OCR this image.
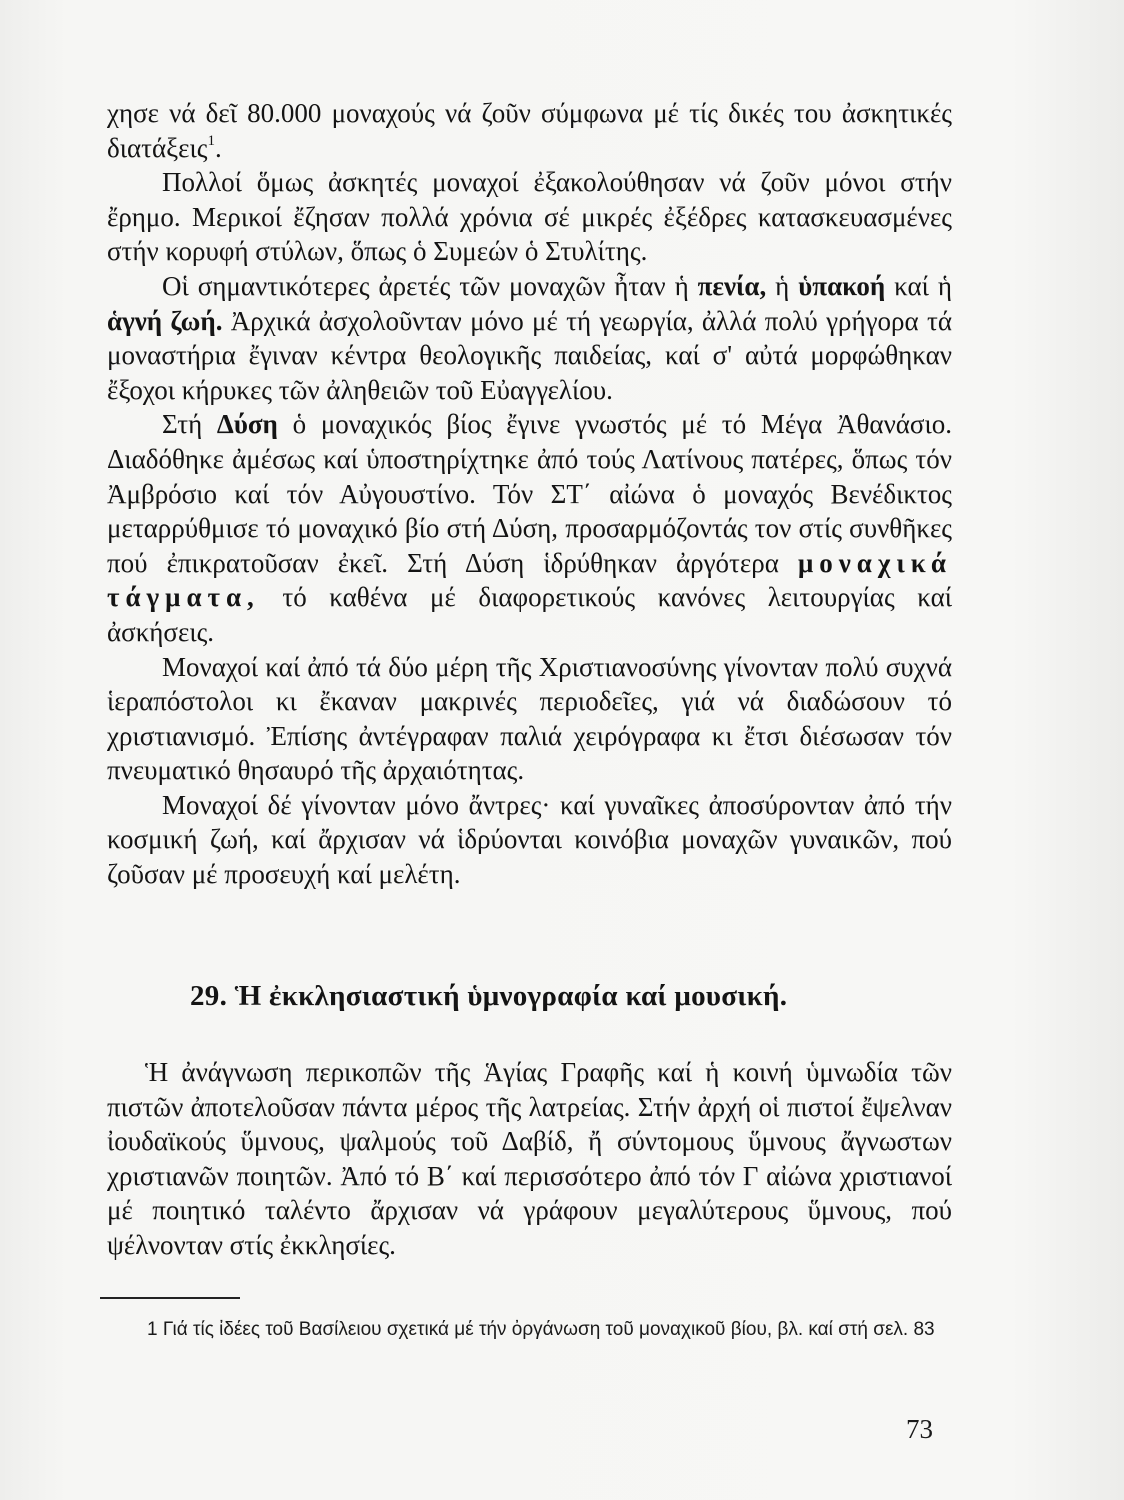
χησε νά δεῖ 80.000 μοναχούς νά ζοῦν σύμφωνα μέ τίς δικές του ἀσκητικές διατάξεις$^1$.

Πολλοί ὅμως ἀσκητές μοναχοί ἐξακολούθησαν νά ζοῦν μόνοι στήν ἔρημο. Μερικοί ἔζησαν πολλά χρόνια σέ μικρές ἐξέδρες κατασκευασμένες στήν κορυφή στύλων, ὅπως ὁ Συμεών ὁ Στυλίτης.

Οἱ σημαντικότερες ἀρετές τῶν μοναχῶν ἦταν ἡ πενία, ἡ ὑπακοή καί ἡ ἁγνή ζωή. Ἀρχικά ἀσχολοῦνταν μόνο μέ τή γεωργία, ἀλλά πολύ γρήγορα τά μοναστήρια ἔγιναν κέντρα θεολογικῆς παιδείας, καί σ' αὐτά μορφώθηκαν ἔξοχοι κήρυκες τῶν ἀληθειῶν τοῦ Εὐαγγελίου.

Στή Δύση ὁ μοναχικός βίος ἔγινε γνωστός μέ τό Μέγα Ἀθανάσιο. Διαδόθηκε ἀμέσως καί ὑποστηρίχτηκε ἀπό τούς Λατίνους πατέρες, ὅπως τόν Ἀμβρόσιο καί τόν Αὐγουστίνο. Τόν ΣΤ΄ αἰώνα ὁ μοναχός Βενέδικτος μεταρρύθμισε τό μοναχικό βίο στή Δύση, προσαρμόζοντάς τον στίς συνθῆκες πού ἐπικρατοῦσαν ἐκεῖ. Στή Δύση ἱδρύθηκαν ἀργότερα μοναχικά τάγματα, τό καθένα μέ διαφορετικούς κανόνες λειτουργίας καί ἀσκήσεις.

Μοναχοί καί ἀπό τά δύο μέρη τῆς Χριστιανοσύνης γίνονταν πολύ συχνά ἱεραπόστολοι κι ἔκαναν μακρινές περιοδεῖες, γιά νά διαδώσουν τό χριστιανισμό. Ἐπίσης ἀντέγραφαν παλιά χειρόγραφα κι ἔτσι διέσωσαν τόν πνευματικό θησαυρό τῆς ἀρχαιότητας.

Μοναχοί δέ γίνονταν μόνο ἄντρες· καί γυναῖκες ἀποσύρονταν ἀπό τήν κοσμική ζωή, καί ἄρχισαν νά ἱδρύονται κοινόβια μοναχῶν γυναικῶν, πού ζοῦσαν μέ προσευχή καί μελέτη.

29. Ἡ ἐκκλησιαστική ὑμνογραφία καί μουσική.

Ἡ ἀνάγνωση περικοπῶν τῆς Ἁγίας Γραφῆς καί ἡ κοινή ὑμνωδία τῶν πιστῶν ἀποτελοῦσαν πάντα μέρος τῆς λατρείας. Στήν ἀρχή οἱ πιστοί ἔψελναν ἰουδαϊκούς ὕμνους, ψαλμούς τοῦ Δαβίδ, ἤ σύντομους ὕμνους ἄγνωστων χριστιανῶν ποιητῶν. Ἀπό τό Β΄ καί περισσότερο ἀπό τόν Γ αἰώνα χριστιανοί μέ ποιητικό ταλέντο ἄρχισαν νά γράφουν μεγαλύτερους ὕμνους, πού ψέλνονταν στίς ἐκκλησίες.

1 Γιά τίς ἰδέες τοῦ Βασίλειου σχετικά μέ τήν ὀργάνωση τοῦ μοναχικοῦ βίου, βλ. καί στή σελ. 83
73
